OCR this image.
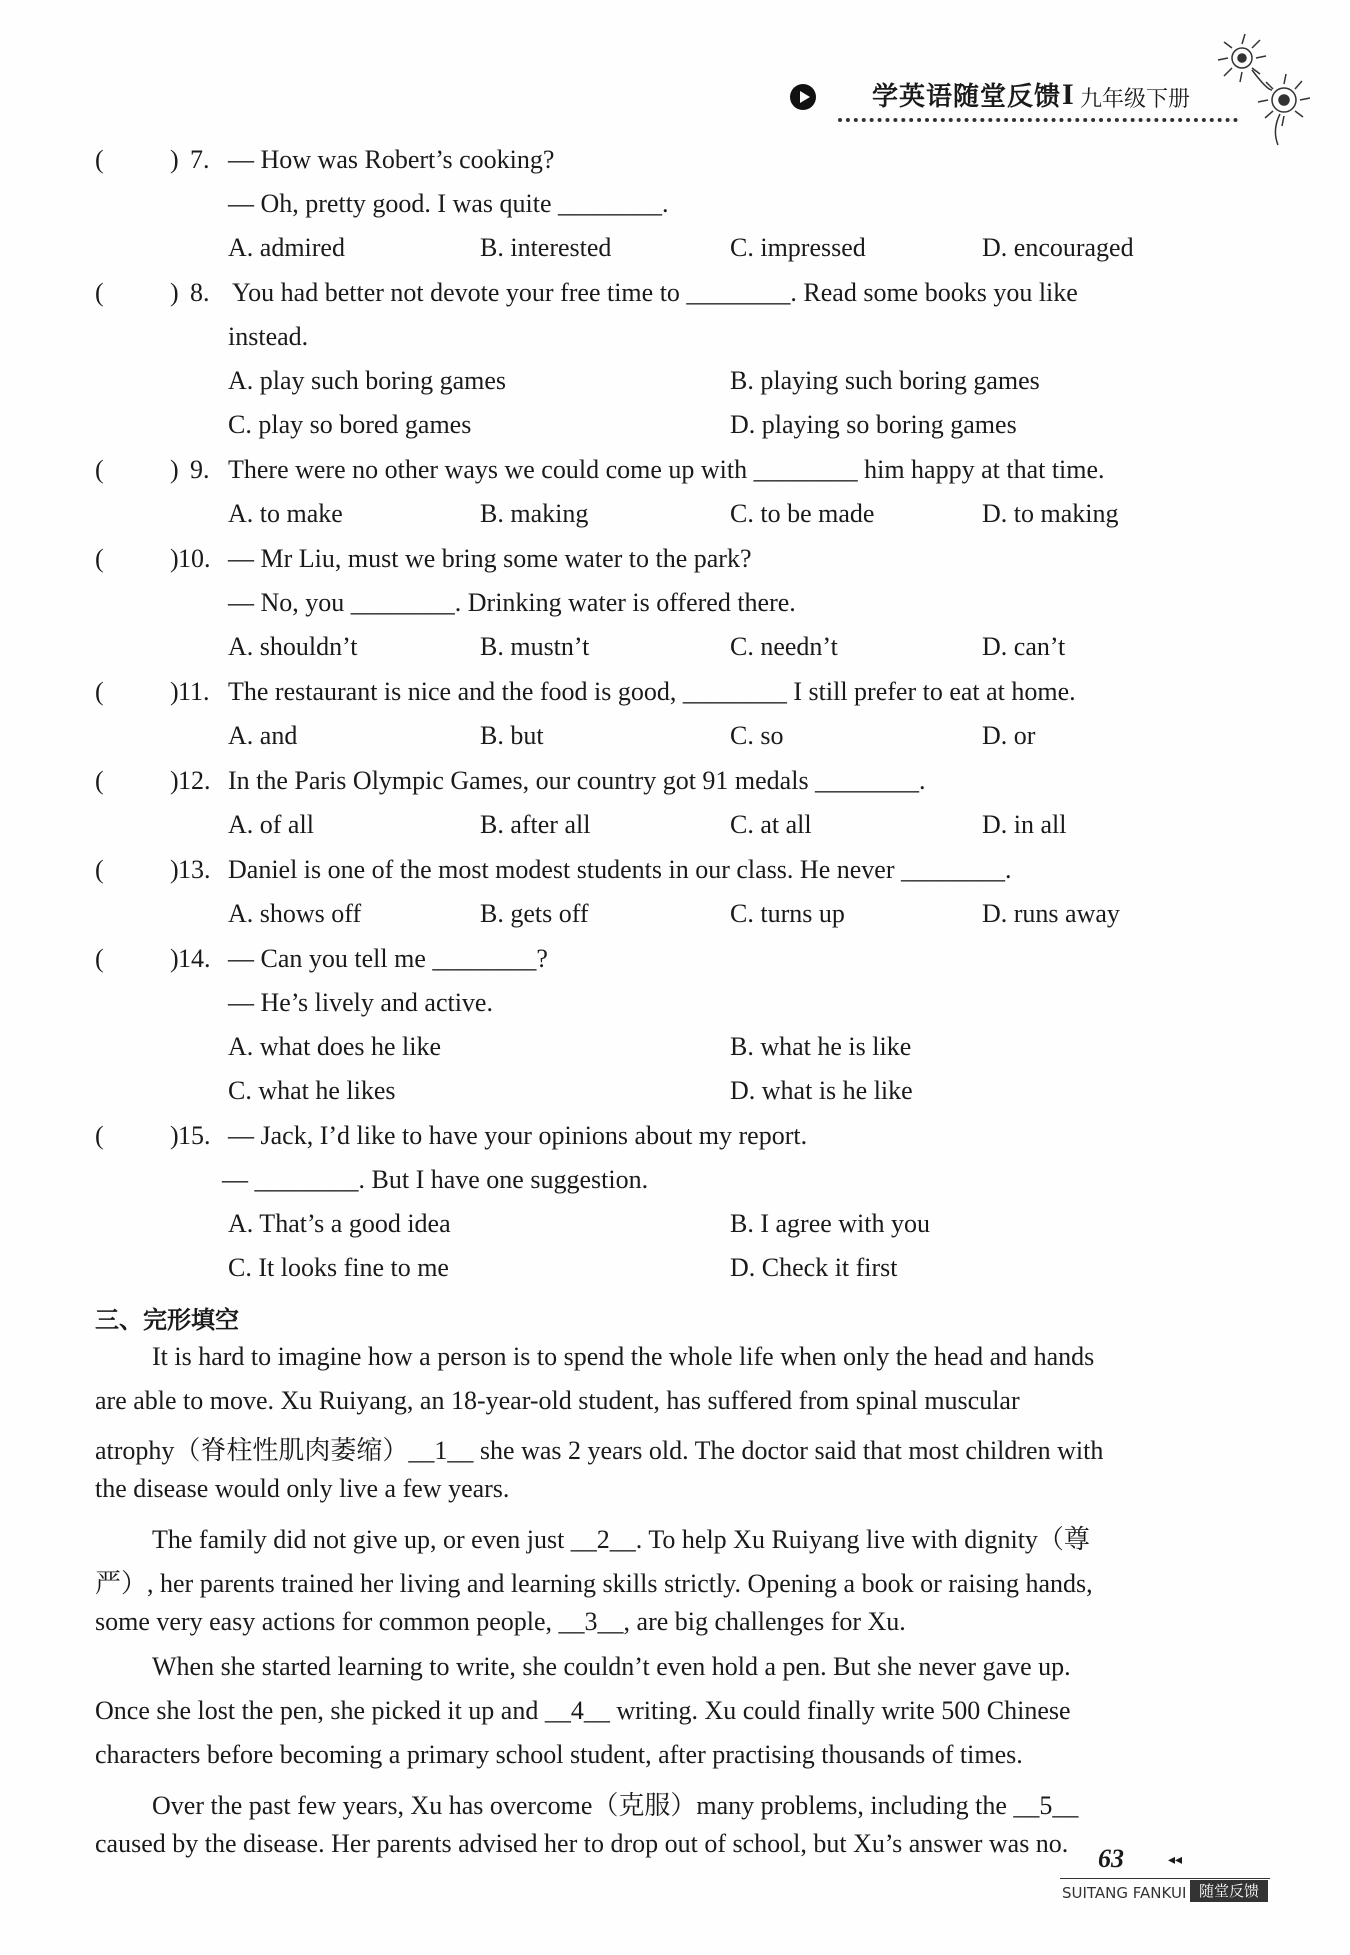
学英语随堂反馈 I 九年级下册
(	) 7. — How was Robert’s cooking?
— Oh, pretty good. I was quite ________.
A. admired	B. interested	C. impressed	D. encouraged
(	) 8. You had better not devote your free time to ________. Read some books you like
instead.
A. play such boring games	B. playing such boring games
C. play so bored games	D. playing so boring games
(	) 9. There were no other ways we could come up with ________ him happy at that time.
A. to make	B. making	C. to be made	D. to making
(	) 10. — Mr Liu, must we bring some water to the park?
— No, you ________. Drinking water is offered there.
A. shouldn’t	B. mustn’t	C. needn’t	D. can’t
(	) 11. The restaurant is nice and the food is good, ________ I still prefer to eat at home.
A. and	B. but	C. so	D. or
(	) 12. In the Paris Olympic Games, our country got 91 medals ________.
A. of all	B. after all	C. at all	D. in all
(	) 13. Daniel is one of the most modest students in our class. He never ________.
A. shows off	B. gets off	C. turns up	D. runs away
(	) 14. — Can you tell me ________?
— He’s lively and active.
A. what does he like	B. what he is like
C. what he likes	D. what is he like
(	) 15. — Jack, I’d like to have your opinions about my report.
— ________. But I have one suggestion.
A. That’s a good idea	B. I agree with you
C. It looks fine to me	D. Check it first
三、完形填空
It is hard to imagine how a person is to spend the whole life when only the head and hands
are able to move. Xu Ruiyang, an 18-year-old student, has suffered from spinal muscular
atrophy（脊柱性肌肉萎缩）__1__ she was 2 years old. The doctor said that most children with
the disease would only live a few years.
The family did not give up, or even just __2__. To help Xu Ruiyang live with dignity（尊
严）, her parents trained her living and learning skills strictly. Opening a book or raising hands,
some very easy actions for common people, __3__, are big challenges for Xu.
When she started learning to write, she couldn’t even hold a pen. But she never gave up.
Once she lost the pen, she picked it up and __4__ writing. Xu could finally write 500 Chinese
characters before becoming a primary school student, after practising thousands of times.
Over the past few years, Xu has overcome（克服）many problems, including the __5__
caused by the disease. Her parents advised her to drop out of school, but Xu’s answer was no.
63	◂◂
SUITANG FANKUI 随堂反馈
